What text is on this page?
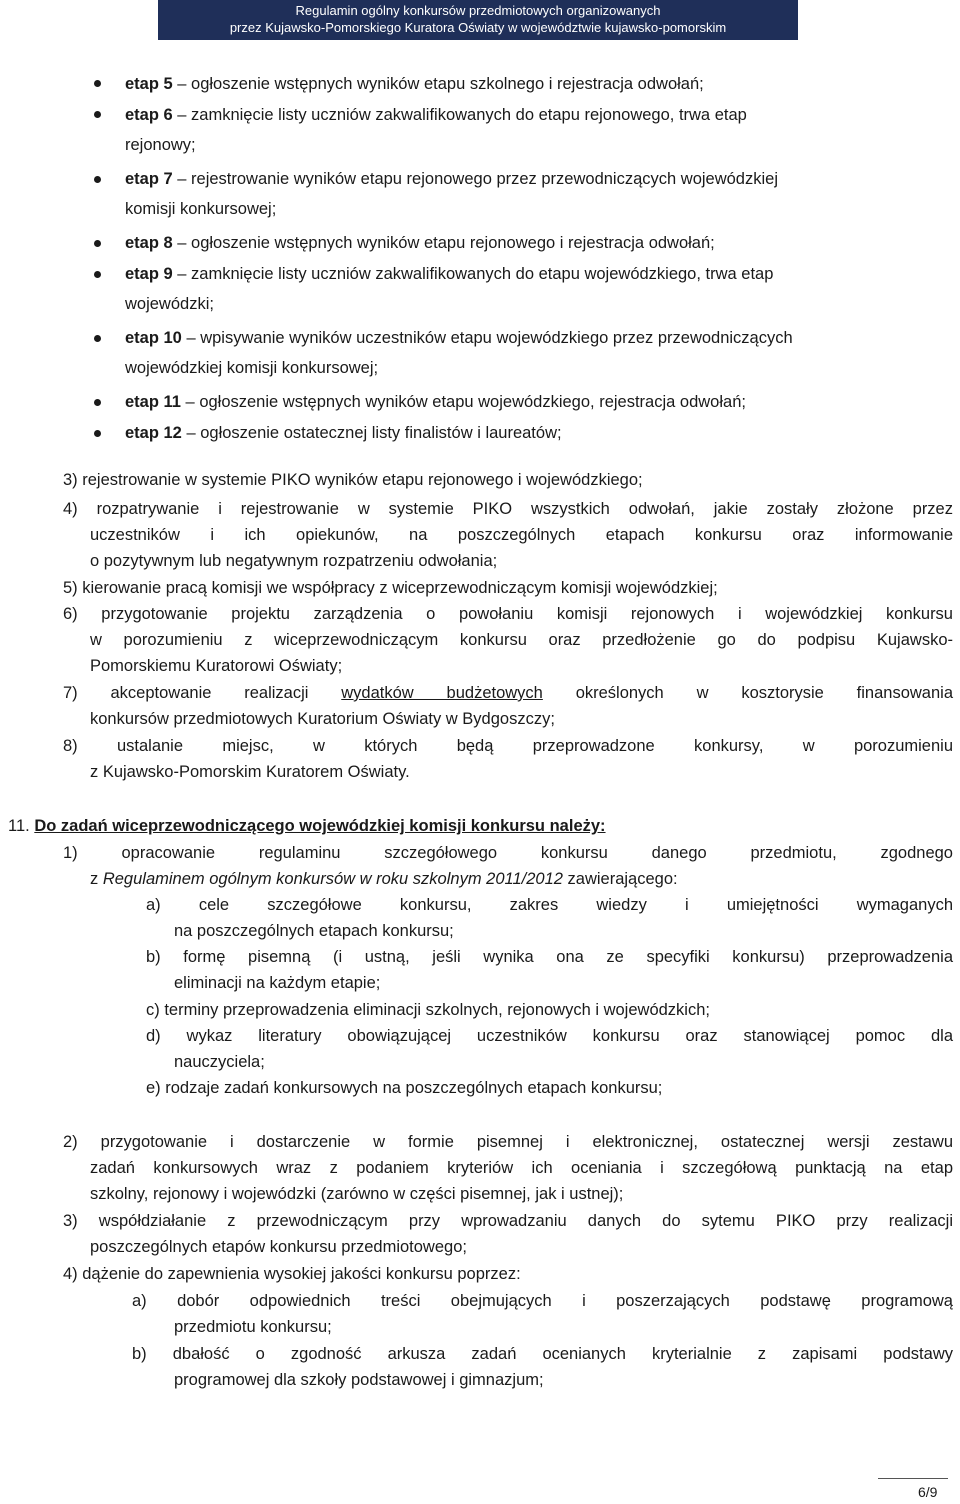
Regulamin ogólny konkursów przedmiotowych organizowanych
przez Kujawsko-Pomorskiego Kuratora Oświaty w województwie kujawsko-pomorskim
etap 5 – ogłoszenie wstępnych wyników etapu szkolnego i rejestracja odwołań;
etap 6 – zamknięcie listy uczniów zakwalifikowanych do etapu rejonowego, trwa etap
rejonowy;
etap 7 – rejestrowanie wyników etapu rejonowego przez przewodniczących wojewódzkiej
komisji konkursowej;
etap 8 – ogłoszenie wstępnych wyników etapu rejonowego i rejestracja odwołań;
etap 9 – zamknięcie listy uczniów zakwalifikowanych do etapu wojewódzkiego, trwa etap
wojewódzki;
etap 10 – wpisywanie wyników uczestników etapu wojewódzkiego przez przewodniczących
wojewódzkiej komisji konkursowej;
etap 11 – ogłoszenie wstępnych wyników etapu wojewódzkiego, rejestracja odwołań;
etap 12 – ogłoszenie ostatecznej listy finalistów i laureatów;
3) rejestrowanie w systemie PIKO wyników etapu rejonowego i wojewódzkiego;
4) rozpatrywanie i rejestrowanie w systemie PIKO wszystkich odwołań, jakie zostały złożone przez
uczestników i ich opiekunów, na poszczególnych etapach konkursu oraz informowanie
o pozytywnym lub negatywnym rozpatrzeniu odwołania;
5) kierowanie pracą komisji we współpracy z wiceprzewodniczącym komisji wojewódzkiej;
6) przygotowanie projektu zarządzenia o powołaniu komisji rejonowych i wojewódzkiej konkursu
w porozumieniu z wiceprzewodniczącym konkursu oraz przedłożenie go do podpisu Kujawsko-
Pomorskiemu Kuratorowi Oświaty;
7) akceptowanie realizacji wydatków budżetowych określonych w kosztorysie finansowania
konkursów przedmiotowych Kuratorium Oświaty w Bydgoszczy;
8) ustalanie miejsc, w których będą przeprowadzone konkursy, w porozumieniu
z Kujawsko-Pomorskim Kuratorem Oświaty.
11. Do zadań wiceprzewodniczącego wojewódzkiej komisji konkursu należy:
1) opracowanie regulaminu szczegółowego konkursu danego przedmiotu, zgodnego
z Regulaminem ogólnym konkursów w roku szkolnym 2011/2012 zawierającego:
a) cele szczegółowe konkursu, zakres wiedzy i umiejętności wymaganych
na poszczególnych etapach konkursu;
b) formę pisemną (i ustną, jeśli wynika ona ze specyfiki konkursu) przeprowadzenia
eliminacji na każdym etapie;
c) terminy przeprowadzenia eliminacji szkolnych, rejonowych i wojewódzkich;
d) wykaz literatury obowiązującej uczestników konkursu oraz stanowiącej pomoc dla
nauczyciela;
e) rodzaje zadań konkursowych na poszczególnych etapach konkursu;
2) przygotowanie i dostarczenie w formie pisemnej i elektronicznej, ostatecznej wersji zestawu
zadań konkursowych wraz z podaniem kryteriów ich oceniania i szczegółową punktacją na etap
szkolny, rejonowy i wojewódzki (zarówno w części pisemnej, jak i ustnej);
3) współdziałanie z przewodniczącym przy wprowadzaniu danych do sytemu PIKO przy realizacji
poszczególnych etapów konkursu przedmiotowego;
4) dążenie do zapewnienia wysokiej jakości konkursu poprzez:
a) dobór odpowiednich treści obejmujących i poszerzających podstawę programową
przedmiotu konkursu;
b) dbałość o zgodność arkusza zadań ocenianych kryterialnie z zapisami podstawy
programowej dla szkoły podstawowej i gimnazjum;
6/9
